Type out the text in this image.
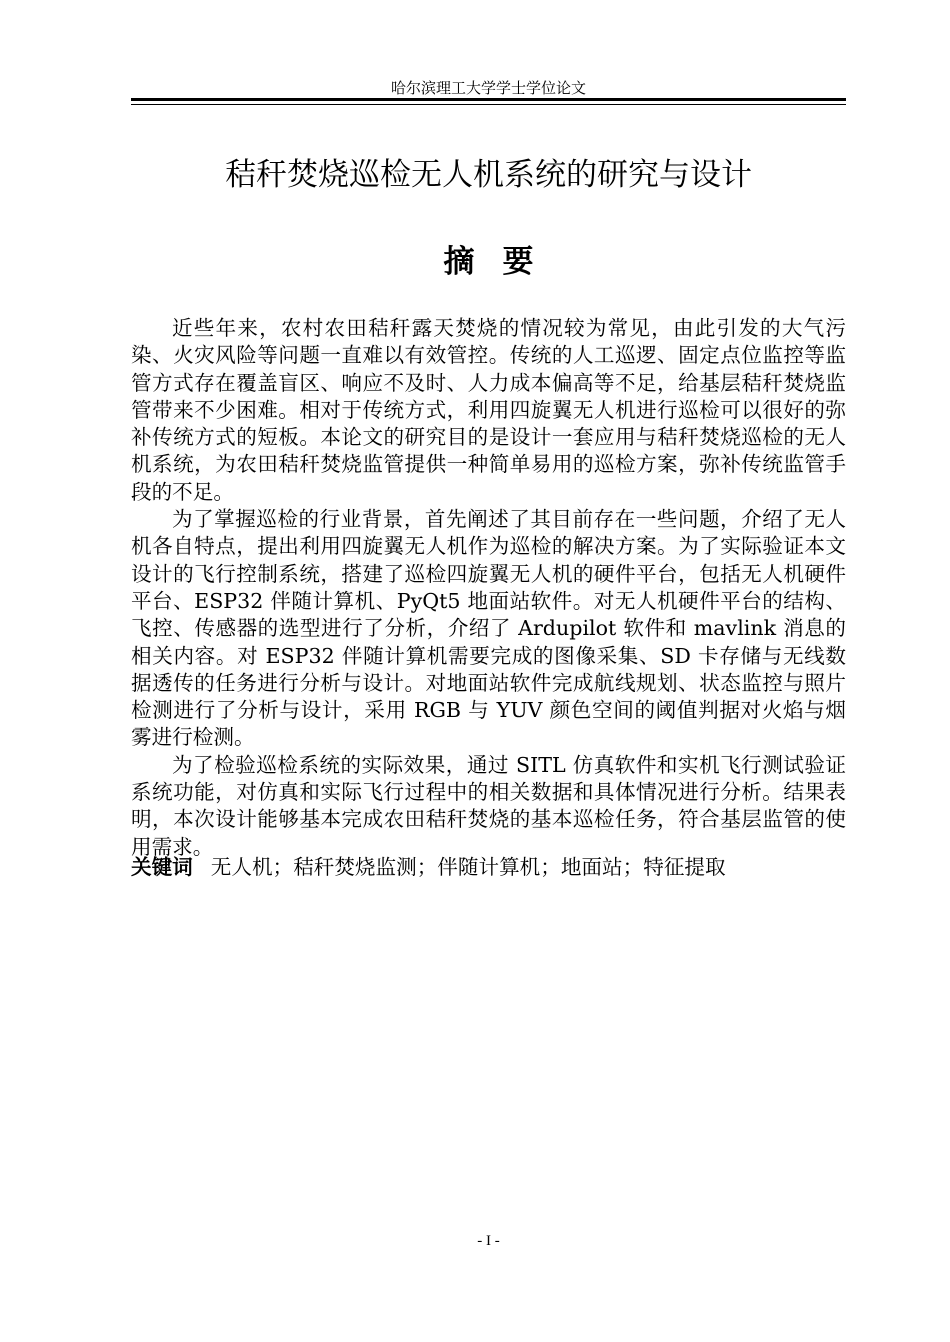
哈尔滨理工大学学士学位论文
秸秆焚烧巡检无人机系统的研究与设计
摘要

近些年来，农村农田秸秆露天焚烧的情况较为常见，由此引发的大气污染、火灾风险等问题一直难以有效管控。传统的人工巡逻、固定点位监控等监管方式存在覆盖盲区、响应不及时、人力成本偏高等不足，给基层秸秆焚烧监管带来不少困难。相对于传统方式，利用四旋翼无人机进行巡检可以很好的弥补传统方式的短板。本论文的研究目的是设计一套应用与秸秆焚烧巡检的无人机系统，为农田秸秆焚烧监管提供一种简单易用的巡检方案，弥补传统监管手段的不足。

为了掌握巡检的行业背景，首先阐述了其目前存在一些问题，介绍了无人机各自特点，提出利用四旋翼无人机作为巡检的解决方案。为了实际验证本文设计的飞行控制系统，搭建了巡检四旋翼无人机的硬件平台，包括无人机硬件平台、ESP32 伴随计算机、PyQt5 地面站软件。对无人机硬件平台的结构、飞控、传感器的选型进行了分析，介绍了 Ardupilot 软件和 mavlink 消息的相关内容。对 ESP32 伴随计算机需要完成的图像采集、SD 卡存储与无线数据透传的任务进行分析与设计。对地面站软件完成航线规划、状态监控与照片检测进行了分析与设计，采用 RGB 与 YUV 颜色空间的阈值判据对火焰与烟雾进行检测。

为了检验巡检系统的实际效果，通过 SITL 仿真软件和实机飞行测试验证系统功能，对仿真和实际飞行过程中的相关数据和具体情况进行分析。结果表明，本次设计能够基本完成农田秸秆焚烧的基本巡检任务，符合基层监管的使用需求。

关键词 无人机；秸秆焚烧监测；伴随计算机；地面站；特征提取
- I -
